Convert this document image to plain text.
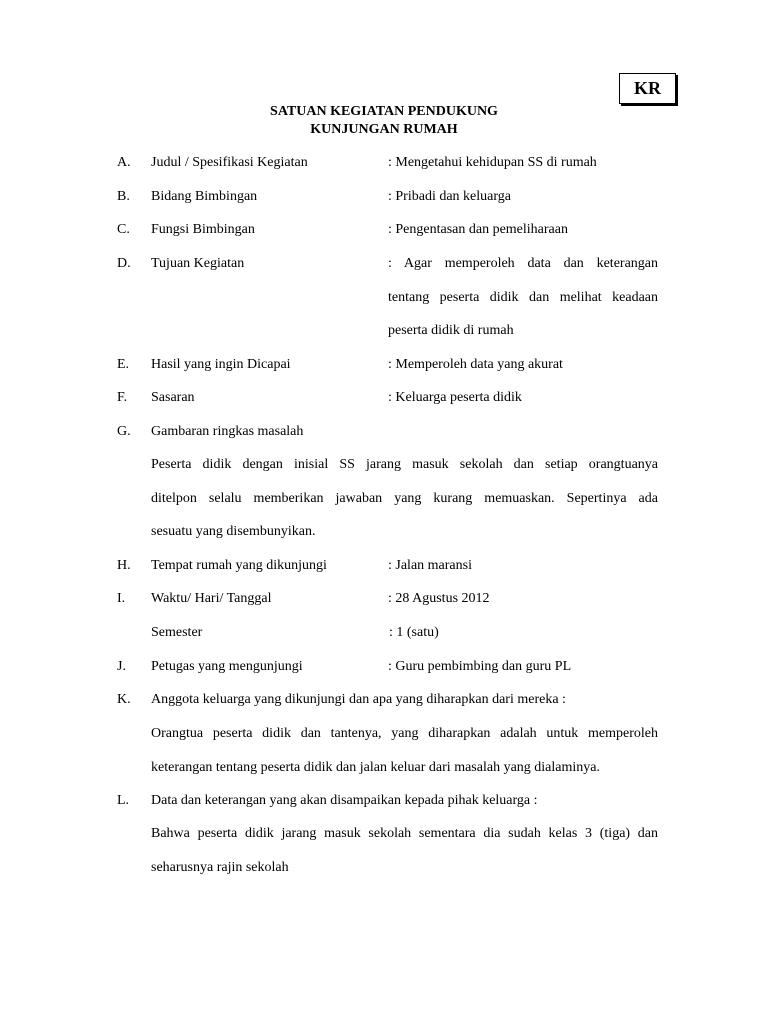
KR
SATUAN KEGIATAN PENDUKUNG
KUNJUNGAN RUMAH
A. Judul / Spesifikasi Kegiatan	: Mengetahui kehidupan SS di rumah
B. Bidang Bimbingan	: Pribadi dan keluarga
C. Fungsi Bimbingan	: Pengentasan dan pemeliharaan
D. Tujuan Kegiatan	: Agar memperoleh data dan keterangan
tentang peserta didik dan melihat keadaan
peserta didik di rumah
E. Hasil yang ingin Dicapai	: Memperoleh data yang akurat
F. Sasaran	: Keluarga peserta didik
G. Gambaran ringkas masalah
Peserta didik dengan inisial SS jarang masuk sekolah dan setiap orangtuanya
ditelpon selalu memberikan jawaban yang kurang memuaskan. Sepertinya ada
sesuatu yang disembunyikan.
H. Tempat rumah yang dikunjungi	: Jalan maransi
I. Waktu/ Hari/ Tanggal	: 28 Agustus 2012
Semester	: 1 (satu)
J. Petugas yang mengunjungi	: Guru pembimbing dan guru PL
K. Anggota keluarga yang dikunjungi dan apa yang diharapkan dari mereka :
Orangtua peserta didik dan tantenya, yang diharapkan adalah untuk memperoleh
keterangan tentang peserta didik dan jalan keluar dari masalah yang dialaminya.
L. Data dan keterangan yang akan disampaikan kepada pihak keluarga :
Bahwa peserta didik jarang masuk sekolah sementara dia sudah kelas 3 (tiga) dan
seharusnya rajin sekolah
